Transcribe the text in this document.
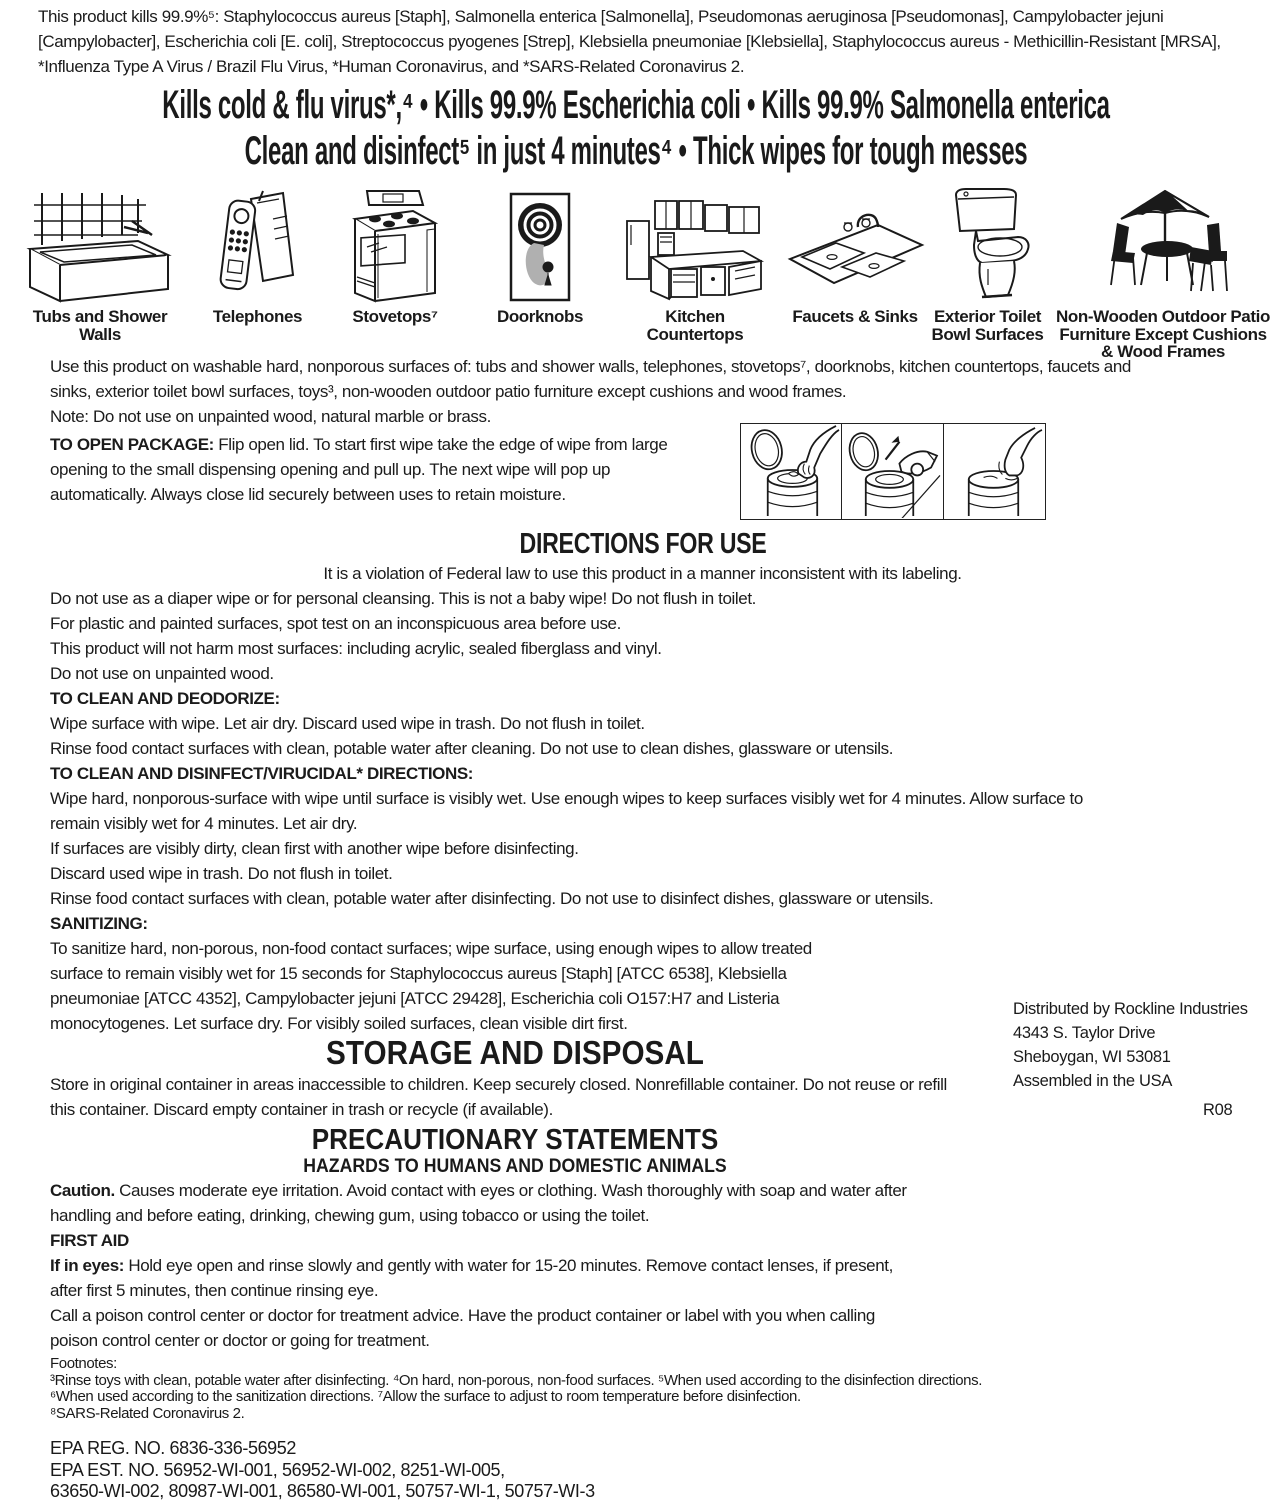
This product kills 99.9%⁵: Staphylococcus aureus [Staph], Salmonella enterica [Salmonella], Pseudomonas aeruginosa [Pseudomonas], Campylobacter jejuni [Campylobacter], Escherichia coli [E. coli], Streptococcus pyogenes [Strep], Klebsiella pneumoniae [Klebsiella], Staphylococcus aureus - Methicillin-Resistant [MRSA], *Influenza Type A Virus / Brazil Flu Virus, *Human Coronavirus, and *SARS-Related Coronavirus 2.
Kills cold & flu virus*,⁴ • Kills 99.9% Escherichia coli • Kills 99.9% Salmonella enterica
Clean and disinfect⁵ in just 4 minutes⁴ • Thick wipes for tough messes
Tubs and Shower Walls
Telephones	Stovetops⁷	Doorknobs	Kitchen Countertops
Faucets & Sinks Exterior Toilet Bowl Surfaces
Non-Wooden Outdoor Patio Furniture Except Cushions & Wood Frames
Use this product on washable hard, nonporous surfaces of: tubs and shower walls, telephones, stovetops⁷, doorknobs, kitchen countertops, faucets and sinks, exterior toilet bowl surfaces, toys³, non-wooden outdoor patio furniture except cushions and wood frames.
Note: Do not use on unpainted wood, natural marble or brass.
TO OPEN PACKAGE: Flip open lid. To start first wipe take the edge of wipe from large opening to the small dispensing opening and pull up. The next wipe will pop up automatically. Always close lid securely between uses to retain moisture.
DIRECTIONS FOR USE
It is a violation of Federal law to use this product in a manner inconsistent with its labeling.
Do not use as a diaper wipe or for personal cleansing. This is not a baby wipe! Do not flush in toilet.
For plastic and painted surfaces, spot test on an inconspicuous area before use.
This product will not harm most surfaces: including acrylic, sealed fiberglass and vinyl.
Do not use on unpainted wood.
TO CLEAN AND DEODORIZE:
Wipe surface with wipe. Let air dry. Discard used wipe in trash. Do not flush in toilet.
Rinse food contact surfaces with clean, potable water after cleaning. Do not use to clean dishes, glassware or utensils.
TO CLEAN AND DISINFECT/VIRUCIDAL* DIRECTIONS:
Wipe hard, nonporous-surface with wipe until surface is visibly wet. Use enough wipes to keep surfaces visibly wet for 4 minutes. Allow surface to remain visibly wet for 4 minutes. Let air dry.
If surfaces are visibly dirty, clean first with another wipe before disinfecting.
Discard used wipe in trash. Do not flush in toilet.
Rinse food contact surfaces with clean, potable water after disinfecting. Do not use to disinfect dishes, glassware or utensils.
SANITIZING:
To sanitize hard, non-porous, non-food contact surfaces; wipe surface, using enough wipes to allow treated surface to remain visibly wet for 15 seconds for Staphylococcus aureus [Staph] [ATCC 6538], Klebsiella pneumoniae [ATCC 4352], Campylobacter jejuni [ATCC 29428], Escherichia coli O157:H7 and Listeria monocytogenes. Let surface dry. For visibly soiled surfaces, clean visible dirt first.
Distributed by Rockline Industries
4343 S. Taylor Drive
Sheboygan, WI 53081
Assembled in the USA
R08
STORAGE AND DISPOSAL
Store in original container in areas inaccessible to children. Keep securely closed. Nonrefillable container. Do not reuse or refill this container. Discard empty container in trash or recycle (if available).
PRECAUTIONARY STATEMENTS
HAZARDS TO HUMANS AND DOMESTIC ANIMALS
Caution. Causes moderate eye irritation. Avoid contact with eyes or clothing. Wash thoroughly with soap and water after handling and before eating, drinking, chewing gum, using tobacco or using the toilet.
FIRST AID
If in eyes: Hold eye open and rinse slowly and gently with water for 15-20 minutes. Remove contact lenses, if present, after first 5 minutes, then continue rinsing eye.
Call a poison control center or doctor for treatment advice. Have the product container or label with you when calling poison control center or doctor or going for treatment.
Footnotes:
³Rinse toys with clean, potable water after disinfecting. ⁴On hard, non-porous, non-food surfaces. ⁵When used according to the disinfection directions. ⁶When used according to the sanitization directions. ⁷Allow the surface to adjust to room temperature before disinfection.
⁸SARS-Related Coronavirus 2.
EPA REG. NO. 6836-336-56952
EPA EST. NO. 56952-WI-001, 56952-WI-002, 8251-WI-005,
63650-WI-002, 80987-WI-001, 86580-WI-001, 50757-WI-1, 50757-WI-3
